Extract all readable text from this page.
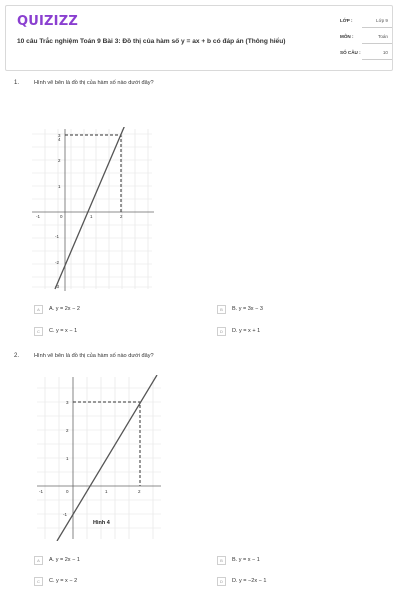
QUIZIZZ
10 câu Trắc nghiệm Toán 9 Bài 3: Đồ thị của hàm số y = ax + b có đáp án (Thông hiểu)
LỚP :	Lớp 9
MÔN :	Toán
SỐ CÂU :	10
1.	Hình vẽ bên là đồ thị của hàm số nào dưới đây?
-1	0	1	2
4
3
2
1
-1
-2
-3
A	A. y = 2x − 2	B	B. y = 3x − 3
C	C. y = x − 1	D	D. y = x + 1
2.	Hình vẽ bên là đồ thị của hàm số nào dưới đây?
-1	0	1	2
3
2
1
-1
Hình 4
A	A. y = 2x − 1	B	B. y = x − 1
C	C. y = x − 2	D	D. y = −2x − 1
